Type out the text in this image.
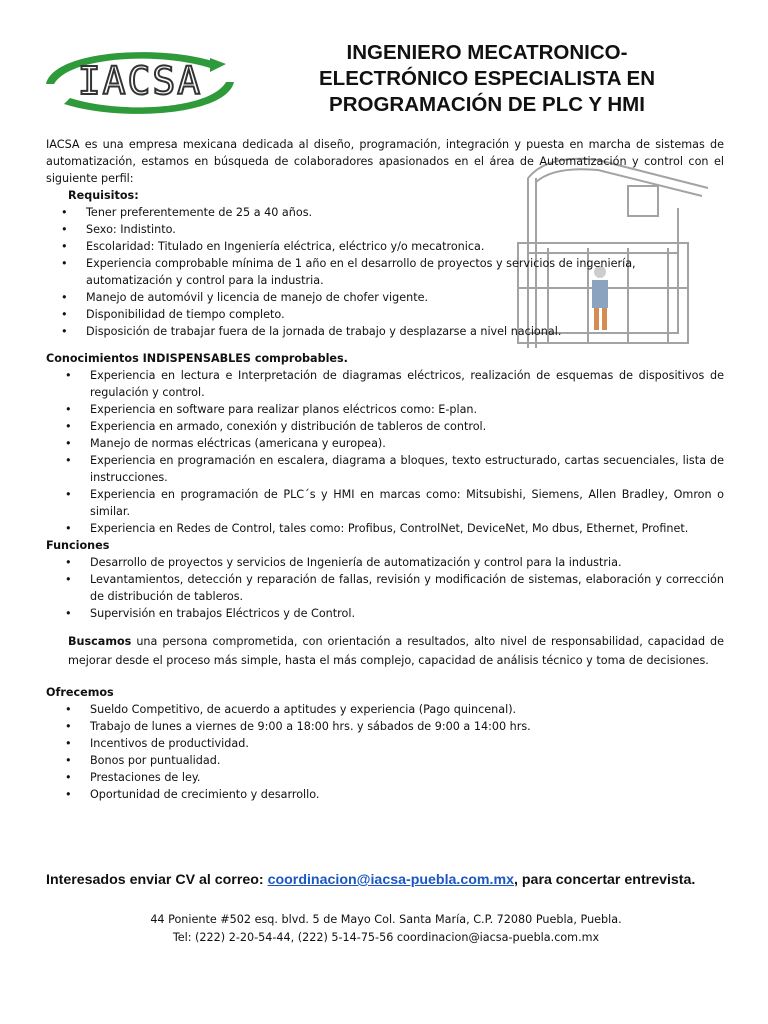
IACSA
INGENIERO MECATRONICO-
ELECTRÓNICO ESPECIALISTA EN
PROGRAMACIÓN DE PLC Y HMI

IACSA es una empresa mexicana dedicada al diseño, programación, integración y puesta en marcha de sistemas de automatización, estamos en búsqueda de colaboradores apasionados en el área de Automatización y control con el siguiente perfil:

Requisitos:
• Tener preferentemente de 25 a 40 años.
• Sexo: Indistinto.
• Escolaridad: Titulado en Ingeniería eléctrica, eléctrico y/o mecatronica.
• Experiencia comprobable mínima de 1 año en el desarrollo de proyectos y servicios de ingeniería, automatización y control para la industria.
• Manejo de automóvil y licencia de manejo de chofer vigente.
• Disponibilidad de tiempo completo.
• Disposición de trabajar fuera de la jornada de trabajo y desplazarse a nivel nacional.
Conocimientos INDISPENSABLES comprobables.
• Experiencia en lectura e Interpretación de diagramas eléctricos, realización de esquemas de dispositivos de regulación y control.
• Experiencia en software para realizar planos eléctricos como: E-plan.
• Experiencia en armado, conexión y distribución de tableros de control.
• Manejo de normas eléctricas (americana y europea).
• Experiencia en programación en escalera, diagrama a bloques, texto estructurado, cartas secuenciales, lista de instrucciones.
• Experiencia en programación de PLC´s y HMI en marcas como: Mitsubishi, Siemens, Allen Bradley, Omron o similar.
• Experiencia en Redes de Control, tales como: Profibus, ControlNet, DeviceNet, Mo dbus, Ethernet, Profinet.
Funciones
• Desarrollo de proyectos y servicios de Ingeniería de automatización y control para la industria.
• Levantamientos, detección y reparación de fallas, revisión y modificación de sistemas, elaboración y corrección de distribución de tableros.
• Supervisión en trabajos Eléctricos y de Control.

Buscamos una persona comprometida, con orientación a resultados, alto nivel de responsabilidad, capacidad de mejorar desde el proceso más simple, hasta el más complejo, capacidad de análisis técnico y toma de decisiones.

Ofrecemos
• Sueldo Competitivo, de acuerdo a aptitudes y experiencia (Pago quincenal).
• Trabajo de lunes a viernes de 9:00 a 18:00 hrs. y sábados de 9:00 a 14:00 hrs.
• Incentivos de productividad.
• Bonos por puntualidad.
• Prestaciones de ley.
• Oportunidad de crecimiento y desarrollo.
Interesados enviar CV al correo: coordinacion@iacsa-puebla.com.mx, para concertar entrevista.
44 Poniente #502 esq. blvd. 5 de Mayo Col. Santa María, C.P. 72080 Puebla, Puebla.
Tel: (222) 2-20-54-44, (222) 5-14-75-56 coordinacion@iacsa-puebla.com.mx
